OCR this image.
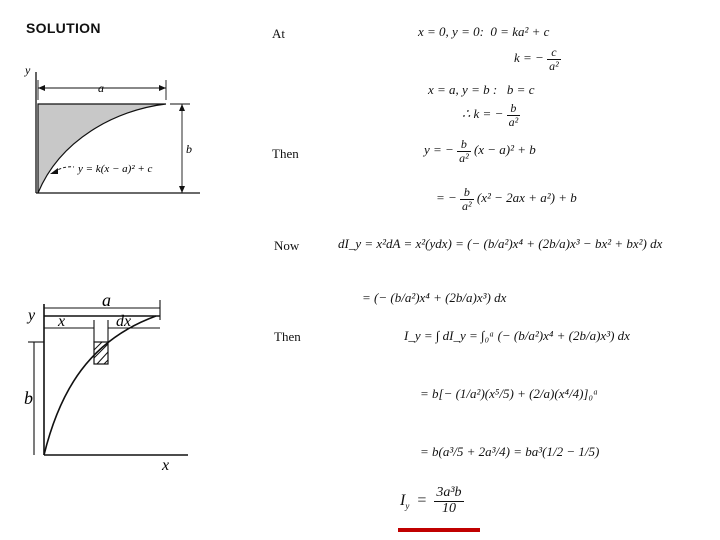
SOLUTION
y
a
b
y = k(x − a)² + c
y
a
x	dx
b
x
At
Then
Now
Then
x = 0, y = 0: 0 = ka² + c
k = − $\frac{c}{\text{a²}}$
x = a, y = b : b = c
∴ k = − $\frac{b}{\text{a²}}$
y = − $\frac{b}{\text{a²}} (x - a)^2 + b$
= − $\frac{b}{\text{a²}} (x^2 - 2ax + a^2) + b$
dI_y = x²dA = x²(ydx) = (− (b/a²)x⁴ + (2b/a)x³ − bx² + bx²) dx
= (− (b/a²)x⁴ + (2b/a)x³) dx
I_y = ∫ dI_y = ∫₀ᵃ (− (b/a²)x⁴ + (2b/a)x³) dx
= b[− (1/a²)(x⁵/5) + (2/a)(x⁴/4)]₀ᵃ
= b(a³/5 + 2a³/4) = ba³(1/2 − 1/5)
$I_y = \frac{\text{3a³b}}{10}$
